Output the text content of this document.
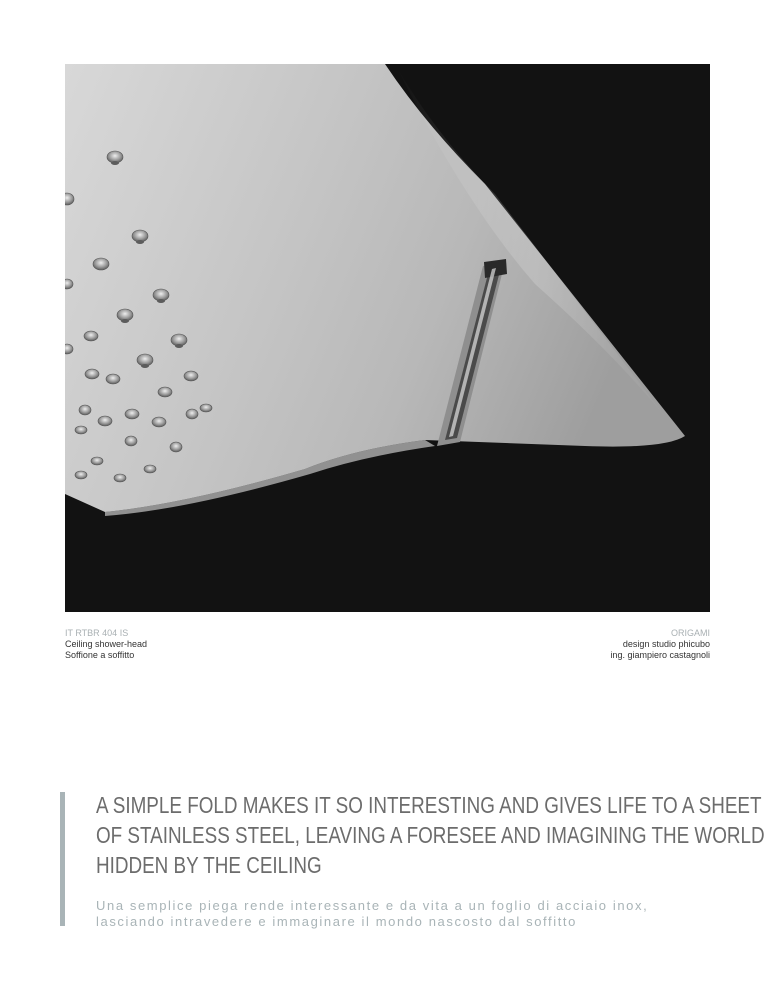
IT RTBR 404 IS
Ceiling shower-head
Soffione a soffitto
ORIGAMI
design studio phicubo
ing. giampiero castagnoli
A SIMPLE FOLD MAKES IT SO INTERESTING AND GIVES LIFE TO A SHEET
OF STAINLESS STEEL, LEAVING A FORESEE AND IMAGINING THE WORLD
HIDDEN BY THE CEILING
Una semplice piega rende interessante e da vita a un foglio di acciaio inox,
lasciando intravedere e immaginare il mondo nascosto dal soffitto
